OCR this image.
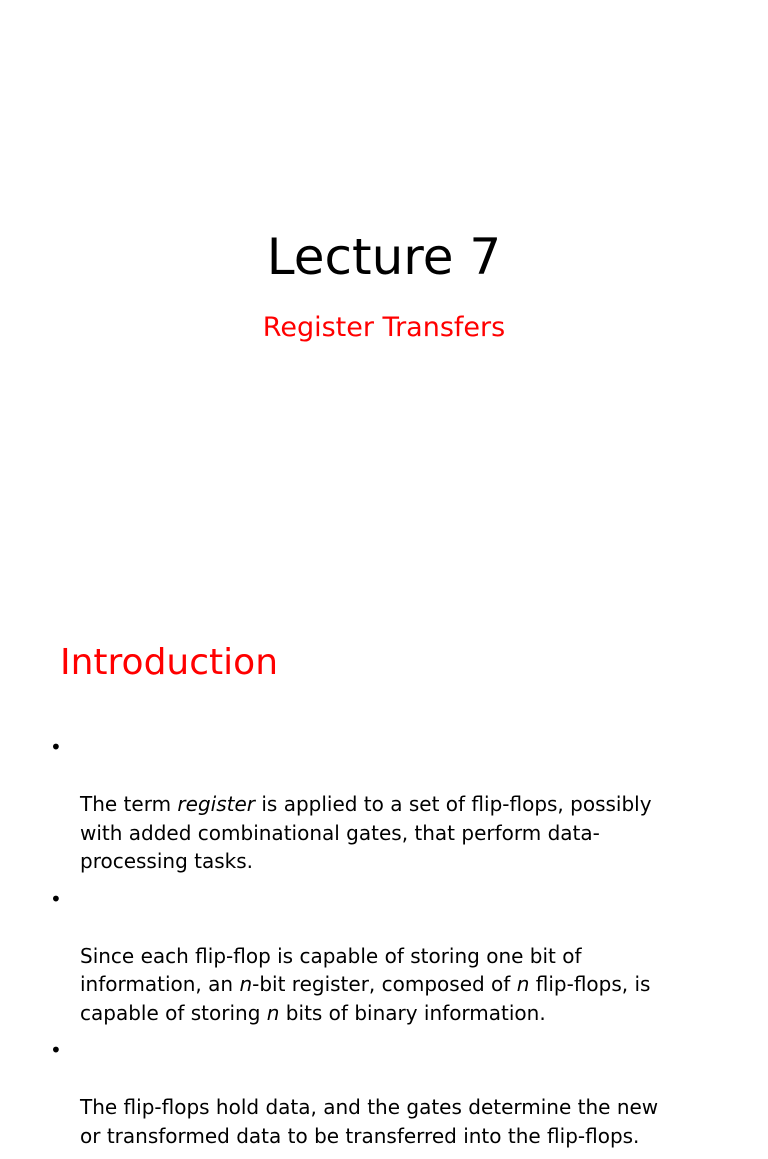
Lecture 7
Register Transfers
Introduction

•

The term register is applied to a set of flip-flops, possibly
with added combinational gates, that perform data-
processing tasks.

•

Since each flip-flop is capable of storing one bit of
information, an n-bit register, composed of n flip-flops, is
capable of storing n bits of binary information.

•

The flip-flops hold data, and the gates determine the new
or transformed data to be transferred into the flip-flops.
